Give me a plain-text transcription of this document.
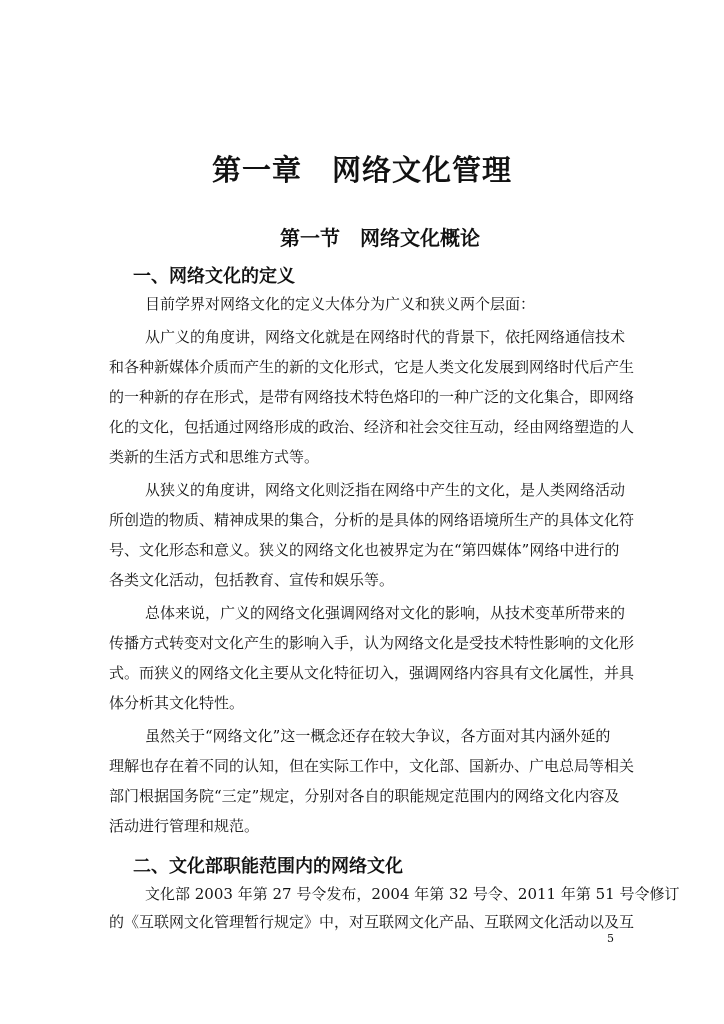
第一章　网络文化管理
第一节　网络文化概论
一、网络文化的定义
目前学界对网络文化的定义大体分为广义和狭义两个层面：
从广义的角度讲，网络文化就是在网络时代的背景下，依托网络通信技术
和各种新媒体介质而产生的新的文化形式，它是人类文化发展到网络时代后产生
的一种新的存在形式，是带有网络技术特色烙印的一种广泛的文化集合，即网络
化的文化，包括通过网络形成的政治、经济和社会交往互动，经由网络塑造的人
类新的生活方式和思维方式等。
从狭义的角度讲，网络文化则泛指在网络中产生的文化，是人类网络活动
所创造的物质、精神成果的集合，分析的是具体的网络语境所生产的具体文化符
号、文化形态和意义。狭义的网络文化也被界定为在“第四媒体”网络中进行的
各类文化活动，包括教育、宣传和娱乐等。
总体来说，广义的网络文化强调网络对文化的影响，从技术变革所带来的
传播方式转变对文化产生的影响入手，认为网络文化是受技术特性影响的文化形
式。而狭义的网络文化主要从文化特征切入，强调网络内容具有文化属性，并具
体分析其文化特性。
虽然关于“网络文化”这一概念还存在较大争议，各方面对其内涵外延的
理解也存在着不同的认知，但在实际工作中，文化部、国新办、广电总局等相关
部门根据国务院“三定”规定，分别对各自的职能规定范围内的网络文化内容及
活动进行管理和规范。
二、文化部职能范围内的网络文化
文化部 2003 年第 27 号令发布，2004 年第 32 号令、2011 年第 51 号令修订
的《互联网文化管理暂行规定》中，对互联网文化产品、互联网文化活动以及互
5
